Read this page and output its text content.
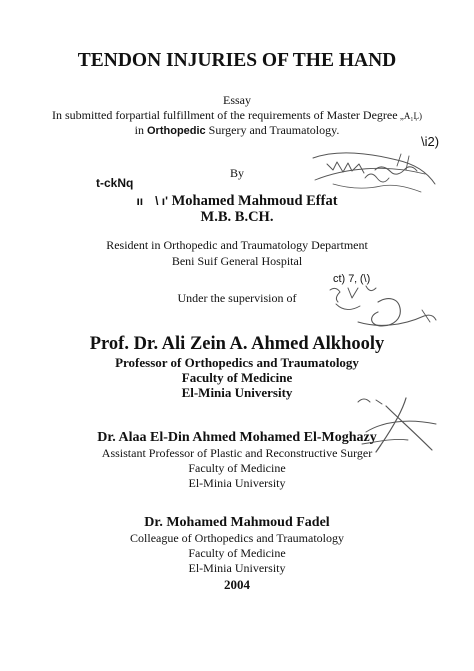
TENDON INJURIES OF THE HAND
Essay
In submitted forpartial fulfillment of the requirements of Master Degree „A₁Ļ)
in Orthopedic Surgery and Traumatology.
\i2)
By
t-ckNq
ıı \ ı' Mohamed Mahmoud Effat
M.B. B.CH.
Resident in Orthopedic and Traumatology Department
Beni Suif General Hospital
ct) 7‚ (\)
Under the supervision of
Prof. Dr. Ali Zein A. Ahmed Alkhooly
Professor of Orthopedics and Traumatology
Faculty of Medicine
El-Minia University
Dr. Alaa El-Din Ahmed Mohamed El-Moghazy
Assistant Professor of Plastic and Reconstructive Surger
Faculty of Medicine
El-Minia University
Dr. Mohamed Mahmoud Fadel
Colleague of Orthopedics and Traumatology
Faculty of Medicine
El-Minia University
2004
